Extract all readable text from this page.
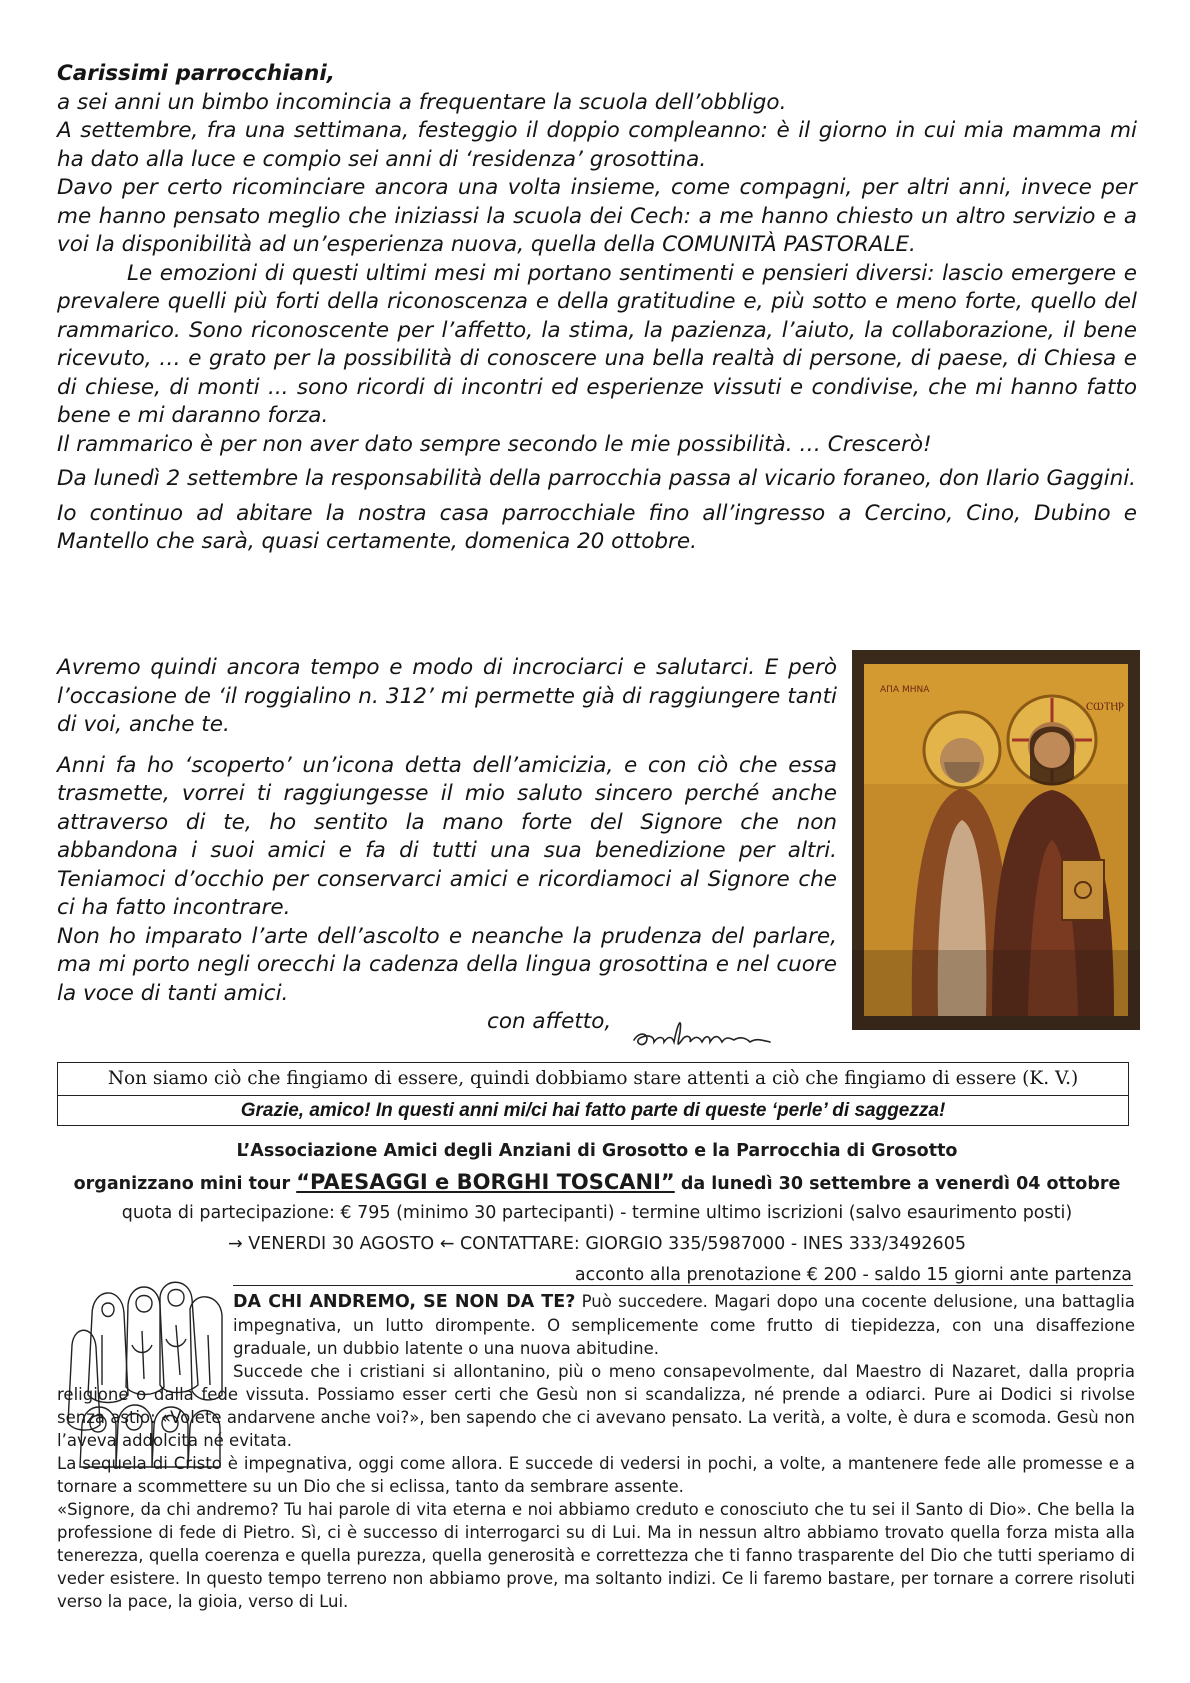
Carissimi parrocchiani,

a sei anni un bimbo incomincia a frequentare la scuola dell’obbligo.

A settembre, fra una settimana, festeggio il doppio compleanno: è il giorno in cui mia mamma mi ha dato alla luce e compio sei anni di ‘residenza’ grosottina.

Davo per certo ricominciare ancora una volta insieme, come compagni, per altri anni, invece per me hanno pensato meglio che iniziassi la scuola dei Cech: a me hanno chiesto un altro servizio e a voi la disponibilità ad un’esperienza nuova, quella della COMUNITÀ PASTORALE.

Le emozioni di questi ultimi mesi mi portano sentimenti e pensieri diversi: lascio emergere e prevalere quelli più forti della riconoscenza e della gratitudine e, più sotto e meno forte, quello del rammarico. Sono riconoscente per l’affetto, la stima, la pazienza, l’aiuto, la collaborazione, il bene ricevuto, … e grato per la possibilità di conoscere una bella realtà di persone, di paese, di Chiesa e di chiese, di monti ... sono ricordi di incontri ed esperienze vissuti e condivise, che mi hanno fatto bene e mi daranno forza.

Il rammarico è per non aver dato sempre secondo le mie possibilità. … Crescerò!

Da lunedì 2 settembre la responsabilità della parrocchia passa al vicario foraneo, don Ilario Gaggini.

Io continuo ad abitare la nostra casa parrocchiale fino all’ingresso a Cercino, Cino, Dubino e Mantello che sarà, quasi certamente, domenica 20 ottobre.

Avremo quindi ancora tempo e modo di incrociarci e salutarci. E però l’occasione de ‘il roggialino n. 312’ mi permette già di raggiungere tanti di voi, anche te.

Anni fa ho ‘scoperto’ un’icona detta dell’amicizia, e con ciò che essa trasmette, vorrei ti raggiungesse il mio saluto sincero perché anche attraverso di te, ho sentito la mano forte del Signore che non abbandona i suoi amici e fa di tutti una sua benedizione per altri. Teniamoci d’occhio per conservarci amici e ricordiamoci al Signore che ci ha fatto incontrare.

Non ho imparato l’arte dell’ascolto e neanche la prudenza del parlare, ma mi porto negli orecchi la cadenza della lingua grosottina e nel cuore la voce di tanti amici.

con affetto,

ΑΠΑ ΜΗΝΑ
ⲤⲰⲦⲎⲢ
Non siamo ciò che fingiamo di essere, quindi dobbiamo stare attenti a ciò che fingiamo di essere (K. V.)
Grazie, amico! In questi anni mi/ci hai fatto parte di queste ‘perle’ di saggezza!
L’Associazione Amici degli Anziani di Grosotto e la Parrocchia di Grosotto
organizzano mini tour “PAESAGGI e BORGHI TOSCANI” da lunedì 30 settembre a venerdì 04 ottobre
quota di partecipazione: € 795 (minimo 30 partecipanti) - termine ultimo iscrizioni (salvo esaurimento posti)
→ VENERDI 30 AGOSTO ← CONTATTARE: GIORGIO 335/5987000 - INES 333/3492605
acconto alla prenotazione € 200 - saldo 15 giorni ante partenza

DA CHI ANDREMO, SE NON DA TE? Può succedere. Magari dopo una cocente delusione, una battaglia impegnativa, un lutto dirompente. O semplicemente come frutto di tiepidezza, con una disaffezione graduale, un dubbio latente o una nuova abitudine.

Succede che i cristiani si allontanino, più o meno consapevolmente, dal Maestro di Nazaret, dalla propria religione o dalla fede vissuta. Possiamo esser certi che Gesù non si scandalizza, né prende a odiarci. Pure ai Dodici si rivolse senza astio: «Volete andarvene anche voi?», ben sapendo che ci avevano pensato. La verità, a volte, è dura e scomoda. Gesù non l’aveva addolcita né evitata.

La sequela di Cristo è impegnativa, oggi come allora. E succede di vedersi in pochi, a volte, a mantenere fede alle promesse e a tornare a scommettere su un Dio che si eclissa, tanto da sembrare assente.

«Signore, da chi andremo? Tu hai parole di vita eterna e noi abbiamo creduto e conosciuto che tu sei il Santo di Dio». Che bella la professione di fede di Pietro. Sì, ci è successo di interrogarci su di Lui. Ma in nessun altro abbiamo trovato quella forza mista alla tenerezza, quella coerenza e quella purezza, quella generosità e correttezza che ti fanno trasparente del Dio che tutti speriamo di veder esistere. In questo tempo terreno non abbiamo prove, ma soltanto indizi. Ce li faremo bastare, per tornare a correre risoluti verso la pace, la gioia, verso di Lui.
